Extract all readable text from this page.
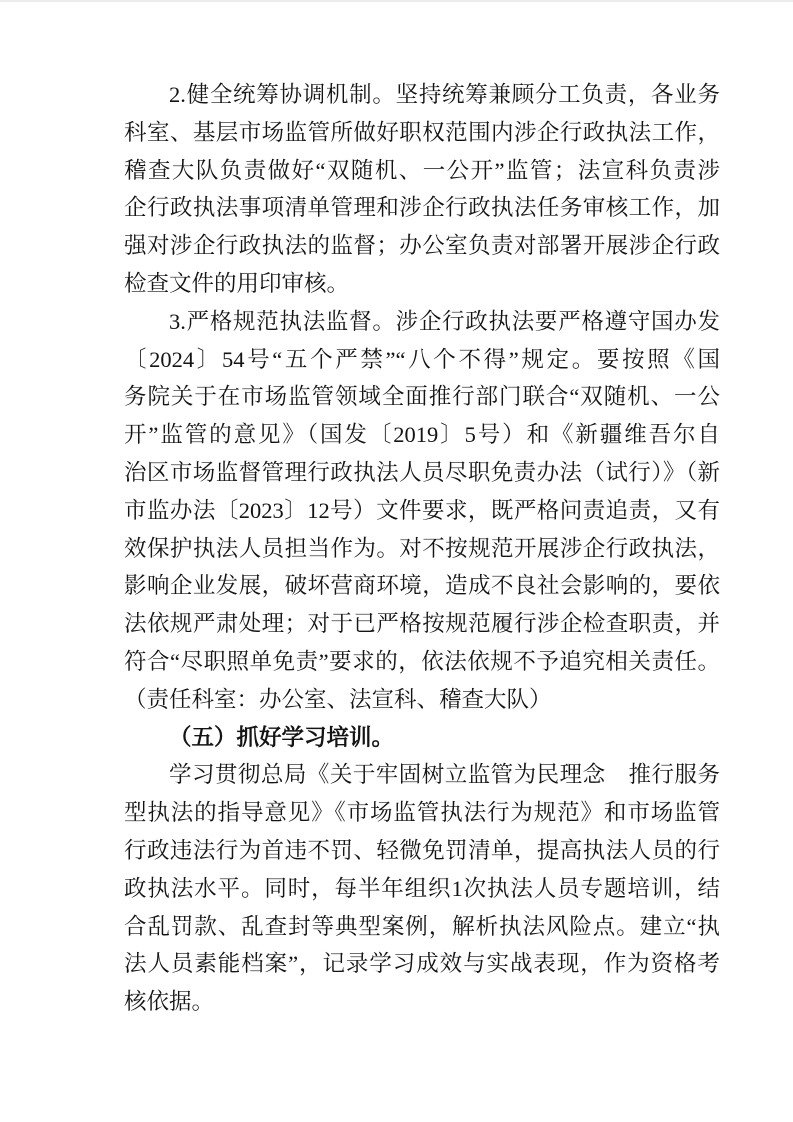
2.健全统筹协调机制。坚持统筹兼顾分工负责，各业务
科室、基层市场监管所做好职权范围内涉企行政执法工作，
稽查大队负责做好“双随机、一公开”监管；法宣科负责涉
企行政执法事项清单管理和涉企行政执法任务审核工作，加
强对涉企行政执法的监督；办公室负责对部署开展涉企行政
检查文件的用印审核。
3.严格规范执法监督。涉企行政执法要严格遵守国办发
〔2024〕54号“五个严禁”“八个不得”规定。要按照《国
务院关于在市场监管领域全面推行部门联合“双随机、一公
开”监管的意见》（国发〔2019〕5号）和《新疆维吾尔自
治区市场监督管理行政执法人员尽职免责办法（试行）》（新
市监办法〔2023〕12号）文件要求，既严格问责追责，又有
效保护执法人员担当作为。对不按规范开展涉企行政执法，
影响企业发展，破坏营商环境，造成不良社会影响的，要依
法依规严肃处理；对于已严格按规范履行涉企检查职责，并
符合“尽职照单免责”要求的，依法依规不予追究相关责任。
（责任科室：办公室、法宣科、稽查大队）
（五）抓好学习培训。
学习贯彻总局《关于牢固树立监管为民理念　推行服务
型执法的指导意见》《市场监管执法行为规范》和市场监管
行政违法行为首违不罚、轻微免罚清单，提高执法人员的行
政执法水平。同时，每半年组织1次执法人员专题培训，结
合乱罚款、乱查封等典型案例，解析执法风险点。建立“执
法人员素能档案”，记录学习成效与实战表现，作为资格考
核依据。
